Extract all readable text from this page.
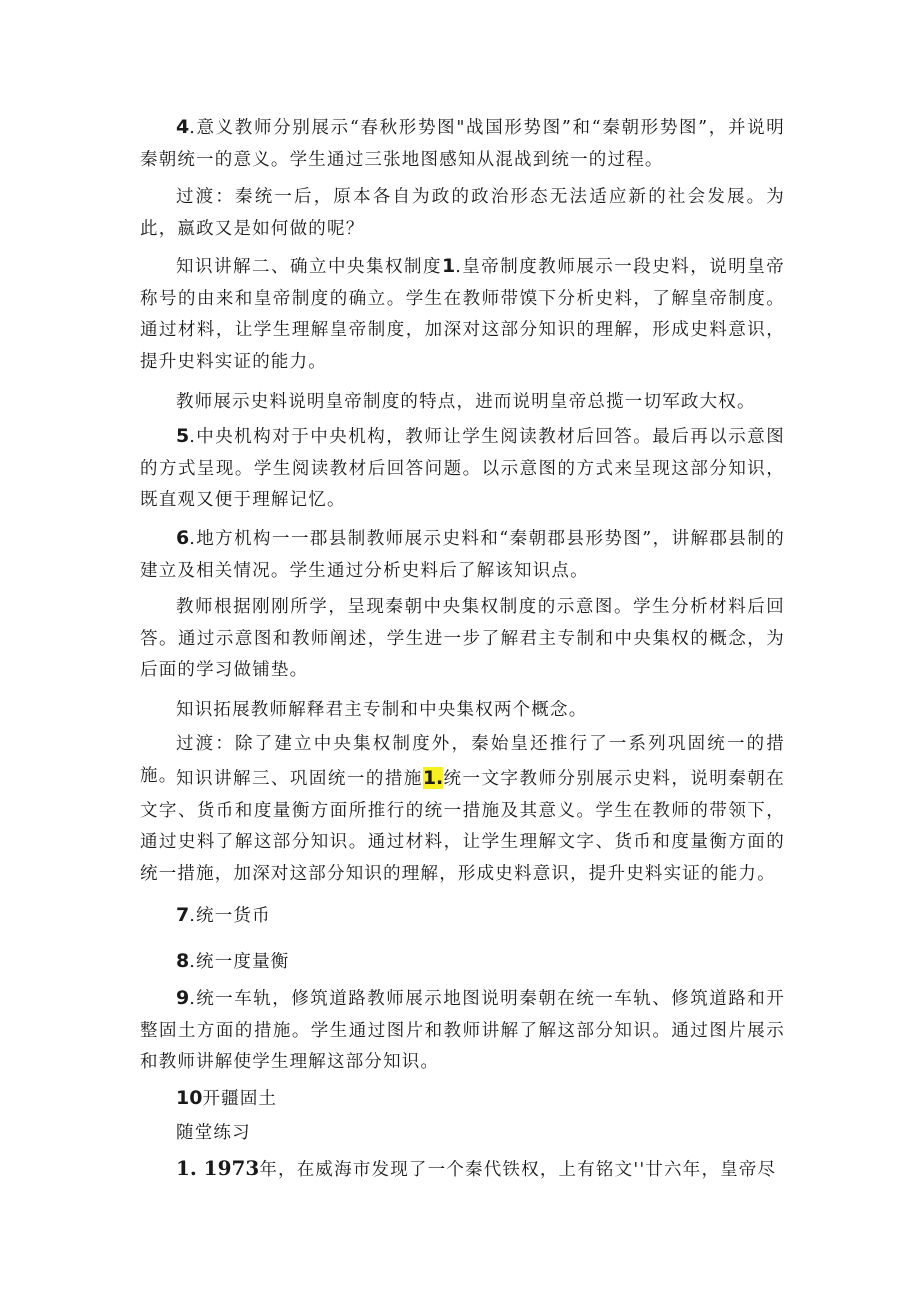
4.意义教师分别展示“春秋形势图"战国形势图”和“秦朝形势图”，并说明秦朝统一的意义。学生通过三张地图感知从混战到统一的过程。

过渡：秦统一后，原本各自为政的政治形态无法适应新的社会发展。为此，嬴政又是如何做的呢？

知识讲解二、确立中央集权制度1.皇帝制度教师展示一段史料，说明皇帝称号的由来和皇帝制度的确立。学生在教师带馍下分析史料，了解皇帝制度。通过材料，让学生理解皇帝制度，加深对这部分知识的理解，形成史料意识，提升史料实证的能力。

教师展示史料说明皇帝制度的特点，进而说明皇帝总揽一切军政大权。

5.中央机构对于中央机构，教师让学生阅读教材后回答。最后再以示意图的方式呈现。学生阅读教材后回答问题。以示意图的方式来呈现这部分知识，既直观又便于理解记忆。

6.地方机构一一郡县制教师展示史料和“秦朝郡县形势图”，讲解郡县制的建立及相关情况。学生通过分析史料后了解该知识点。

教师根据刚刚所学，呈现秦朝中央集权制度的示意图。学生分析材料后回答。通过示意图和教师阐述，学生进一步了解君主专制和中央集权的概念，为后面的学习做铺垫。

知识拓展教师解释君主专制和中央集权两个概念。

过渡：除了建立中央集权制度外，秦始皇还推行了一系列巩固统一的措施。

知识讲解三、巩固统一的措施1.统一文字教师分别展示史料，说明秦朝在文字、货币和度量衡方面所推行的统一措施及其意义。学生在教师的带领下，通过史料了解这部分知识。通过材料，让学生理解文字、货币和度量衡方面的统一措施，加深对这部分知识的理解，形成史料意识，提升史料实证的能力。

7.统一货币

8.统一度量衡

9.统一车轨，修筑道路教师展示地图说明秦朝在统一车轨、修筑道路和开整固土方面的措施。学生通过图片和教师讲解了解这部分知识。通过图片展示和教师讲解使学生理解这部分知识。

10开疆固土

随堂练习

1. 1973年，在威海市发现了一个秦代铁权，上有铭文''廿六年，皇帝尽
